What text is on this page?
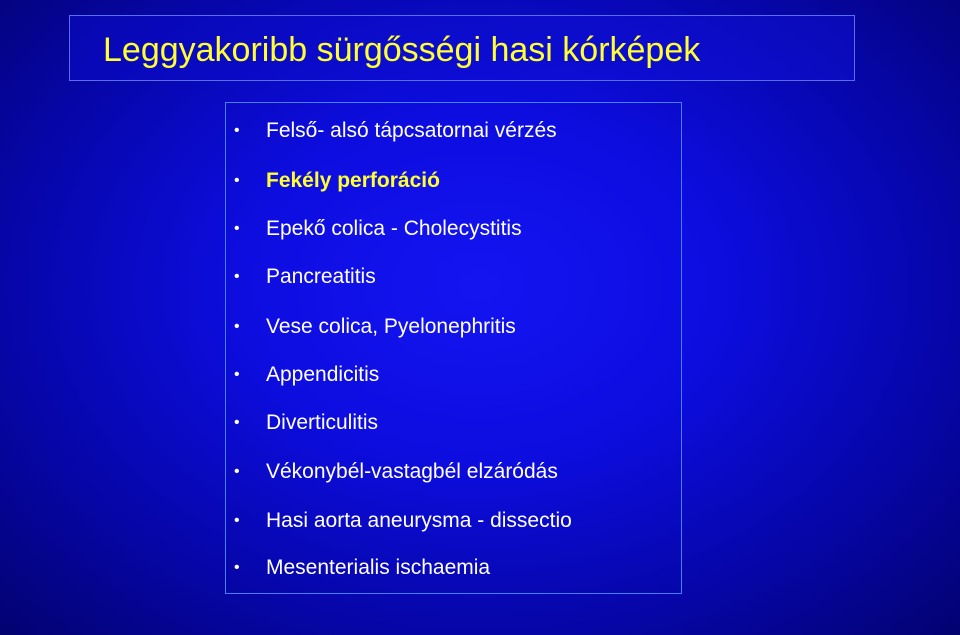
Leggyakoribb sürgősségi hasi kórképek
• Felső- alsó tápcsatornai vérzés
• Fekély perforáció
• Epekő colica - Cholecystitis
• Pancreatitis
• Vese colica, Pyelonephritis
• Appendicitis
• Diverticulitis
• Vékonybél-vastagbél elzáródás
• Hasi aorta aneurysma - dissectio
• Mesenterialis ischaemia
